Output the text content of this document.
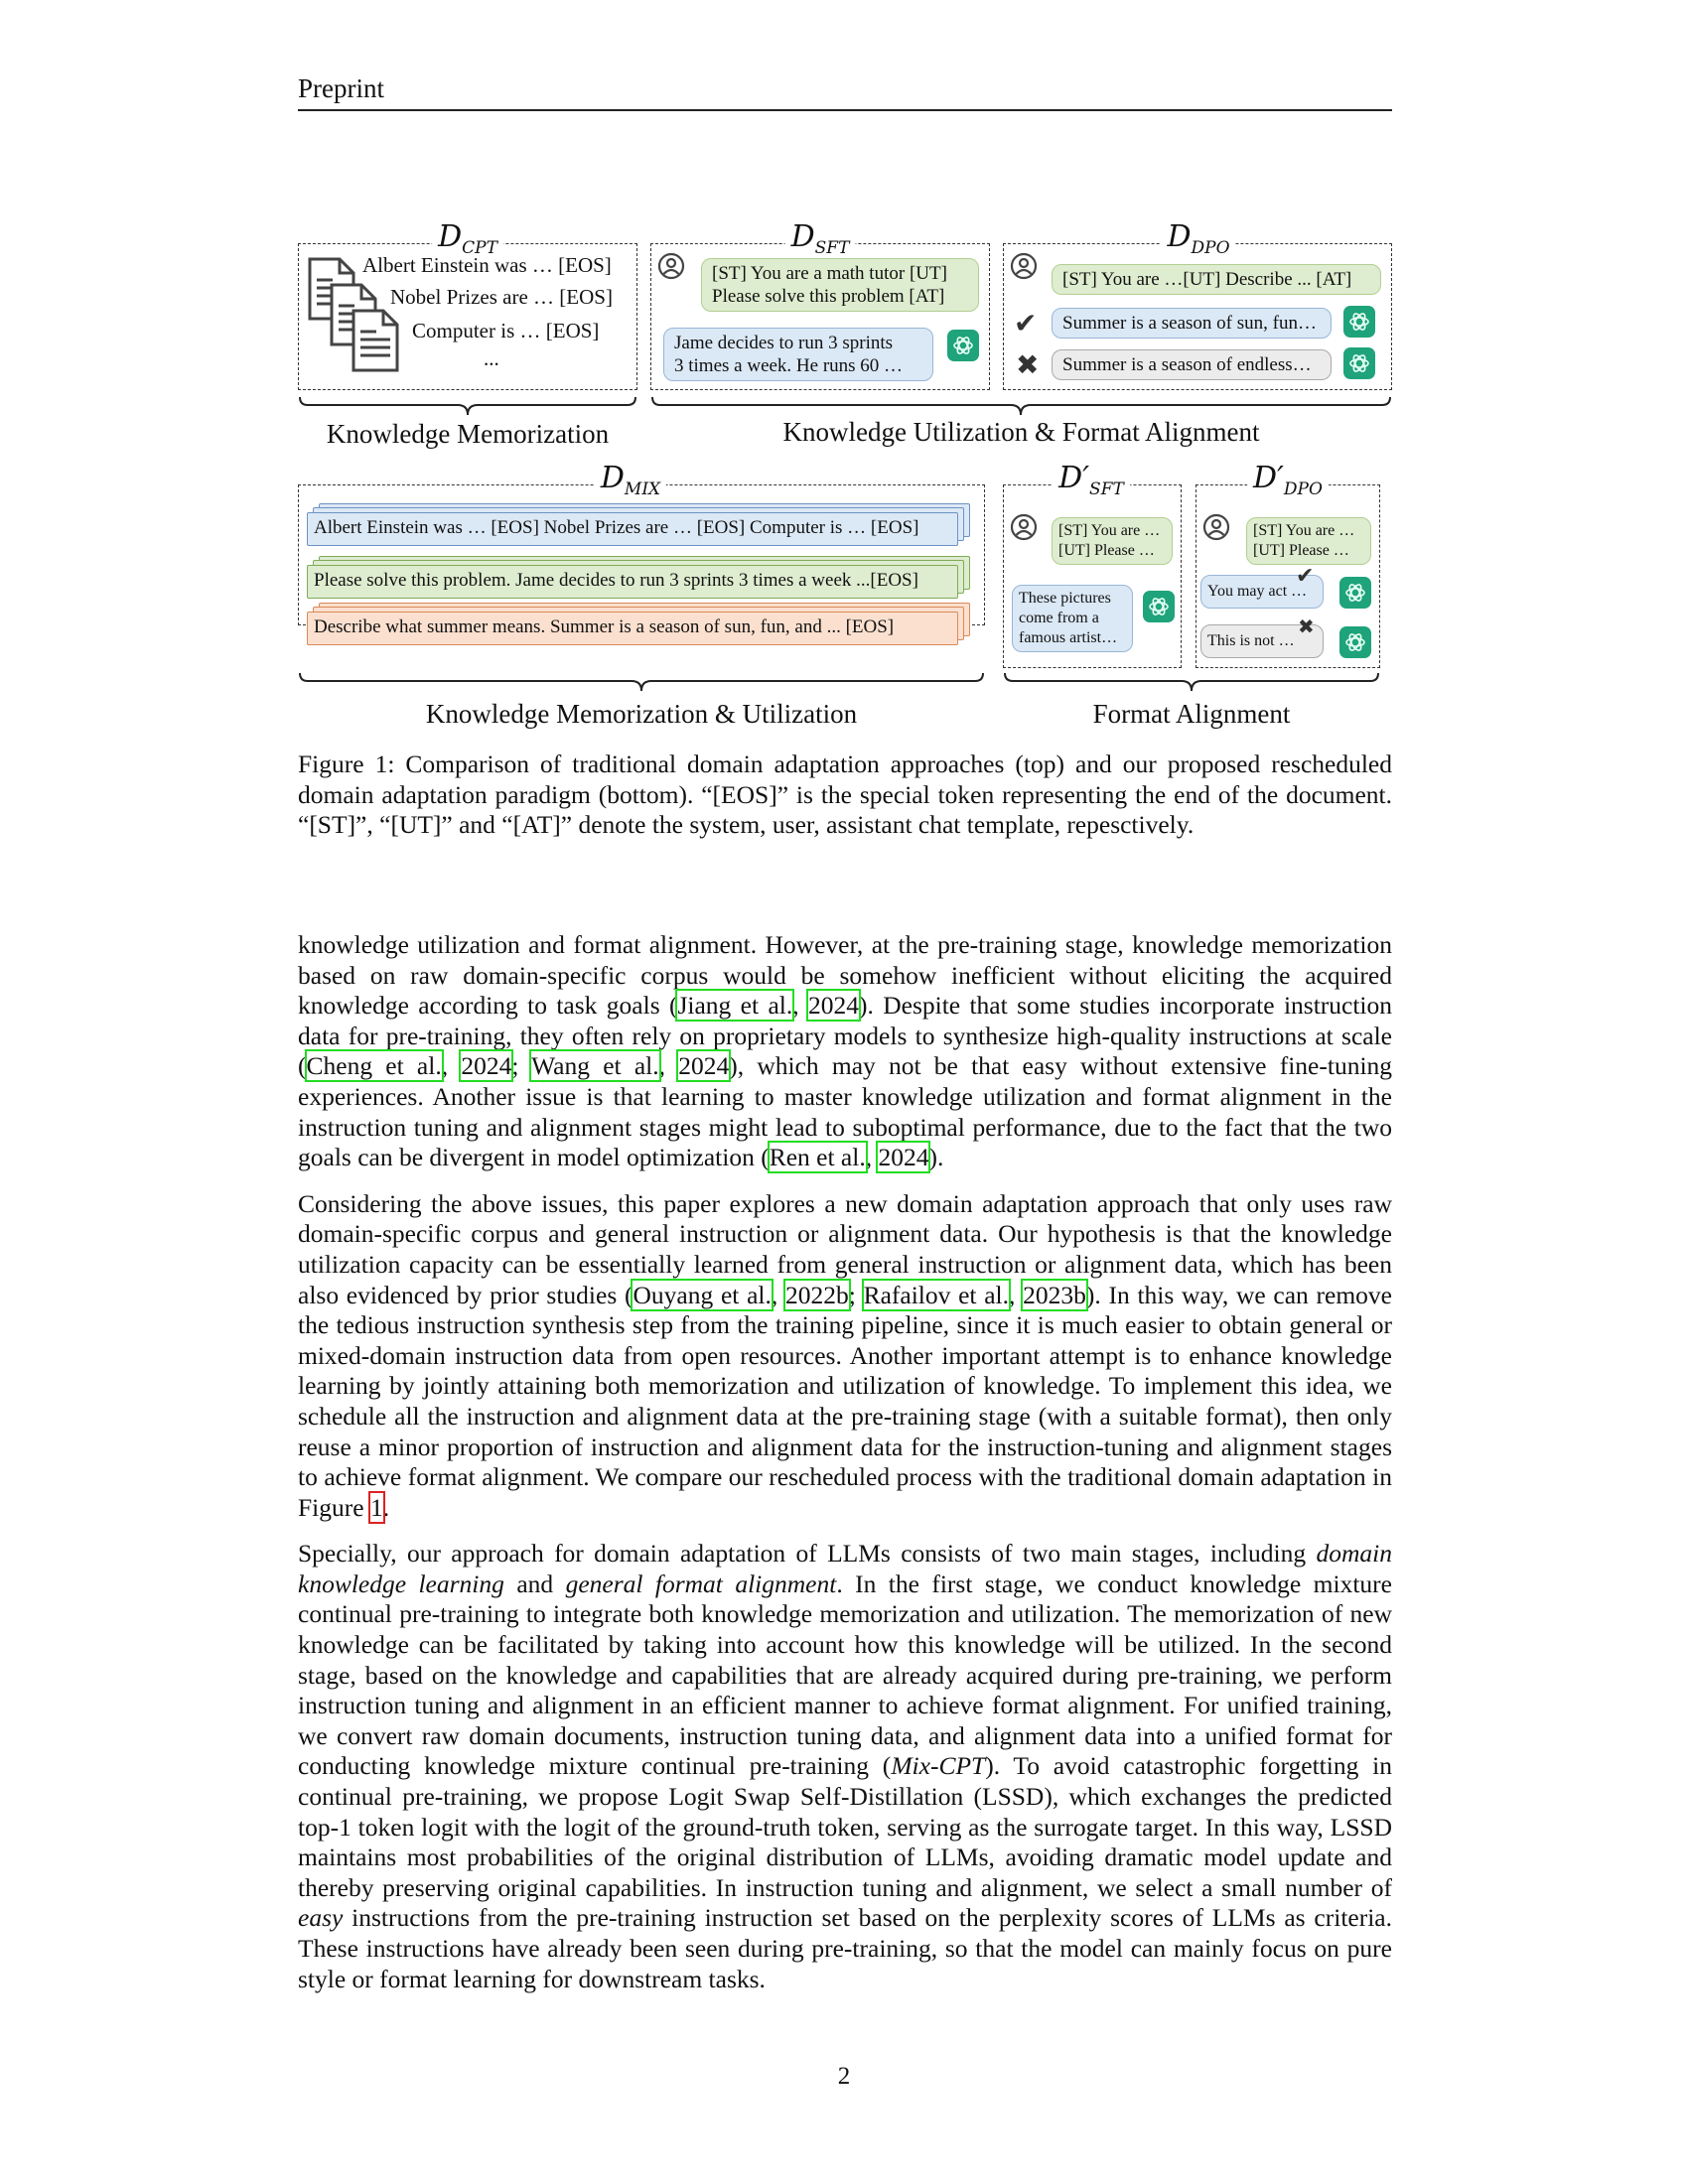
Preprint
$D_{CPT}$
Albert Einstein was … [EOS]
Nobel Prizes are … [EOS]
Computer is … [EOS]
...
$D_{SFT}$
[ST] You are a math tutor [UT]
Please solve this problem [AT]
Jame decides to run 3 sprints
3 times a week. He runs 60 …
$D_{DPO}$
[ST] You are …[UT] Describe ... [AT]
✔	Summer is a season of sun, fun…
✖	Summer is a season of endless…
Knowledge Memorization	Knowledge Utilization & Format Alignment
$D_{MIX}$
Albert Einstein was … [EOS] Nobel Prizes are … [EOS] Computer is … [EOS]
Please solve this problem. Jame decides to run 3 sprints 3 times a week ...[EOS]
Describe what summer means. Summer is a season of sun, fun, and ... [EOS]
$D'_{SFT}$
[ST] You are …
[UT] Please …
These pictures
come from a
famous artist…
$D'_{DPO}$
[ST] You are …
[UT] Please …
You may act …
✔
This is not …
✖
Knowledge Memorization & Utilization	Format Alignment
Figure 1: Comparison of traditional domain adaptation approaches (top) and our proposed rescheduled domain adaptation paradigm (bottom). “[EOS]” is the special token representing the end of the document. “[ST]”, “[UT]” and “[AT]” denote the system, user, assistant chat template, repesctively.

knowledge utilization and format alignment. However, at the pre-training stage, knowledge memorization based on raw domain-specific corpus would be somehow inefficient without eliciting the acquired knowledge according to task goals (Jiang et al., 2024). Despite that some studies incorporate instruction data for pre-training, they often rely on proprietary models to synthesize high-quality instructions at scale (Cheng et al., 2024; Wang et al., 2024), which may not be that easy without extensive fine-tuning experiences. Another issue is that learning to master knowledge utilization and format alignment in the instruction tuning and alignment stages might lead to suboptimal performance, due to the fact that the two goals can be divergent in model optimization (Ren et al., 2024).

Considering the above issues, this paper explores a new domain adaptation approach that only uses raw domain-specific corpus and general instruction or alignment data. Our hypothesis is that the knowledge utilization capacity can be essentially learned from general instruction or alignment data, which has been also evidenced by prior studies (Ouyang et al., 2022b; Rafailov et al., 2023b). In this way, we can remove the tedious instruction synthesis step from the training pipeline, since it is much easier to obtain general or mixed-domain instruction data from open resources. Another important attempt is to enhance knowledge learning by jointly attaining both memorization and utilization of knowledge. To implement this idea, we schedule all the instruction and alignment data at the pre-training stage (with a suitable format), then only reuse a minor proportion of instruction and alignment data for the instruction-tuning and alignment stages to achieve format alignment. We compare our rescheduled process with the traditional domain adaptation in Figure 1.

Specially, our approach for domain adaptation of LLMs consists of two main stages, including domain knowledge learning and general format alignment. In the first stage, we conduct knowledge mixture continual pre-training to integrate both knowledge memorization and utilization. The memorization of new knowledge can be facilitated by taking into account how this knowledge will be utilized. In the second stage, based on the knowledge and capabilities that are already acquired during pre-training, we perform instruction tuning and alignment in an efficient manner to achieve format alignment. For unified training, we convert raw domain documents, instruction tuning data, and alignment data into a unified format for conducting knowledge mixture continual pre-training (Mix-CPT). To avoid catastrophic forgetting in continual pre-training, we propose Logit Swap Self-Distillation (LSSD), which exchanges the predicted top-1 token logit with the logit of the ground-truth token, serving as the surrogate target. In this way, LSSD maintains most probabilities of the original distribution of LLMs, avoiding dramatic model update and thereby preserving original capabilities. In instruction tuning and alignment, we select a small number of easy instructions from the pre-training instruction set based on the perplexity scores of LLMs as criteria. These instructions have already been seen during pre-training, so that the model can mainly focus on pure style or format learning for downstream tasks.

2
